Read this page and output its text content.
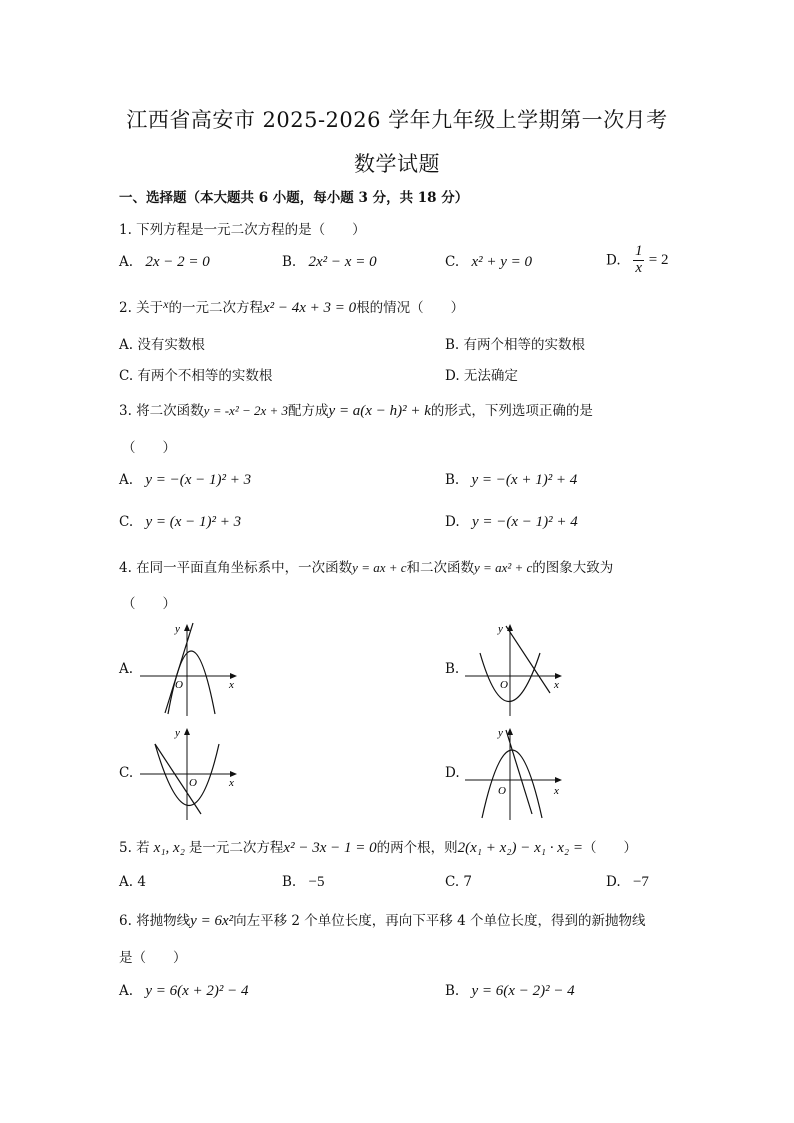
江西省高安市 2025-2026 学年九年级上学期第一次月考
数学试题
一、选择题（本大题共 6 小题，每小题 3 分，共 18 分）
1. 下列方程是一元二次方程的是（　　）
A. 2x − 2 = 0	B. 2x² − x = 0	C. x² + y = 0	D. $\frac{1}{x} = 2$
2. 关于x的一元二次方程x² − 4x + 3 = 0根的情况（　　）
A. 没有实数根	B. 有两个相等的实数根
C. 有两个不相等的实数根	D. 无法确定
3. 将二次函数y = -x² − 2x + 3配方成y = a(x − h)² + k的形式，下列选项正确的是
（　　）
A. y = −(x − 1)² + 3	B. y = −(x + 1)² + 4
C. y = (x − 1)² + 3	D. y = −(x − 1)² + 4
4. 在同一平面直角坐标系中，一次函数y = ax + c和二次函数y = ax² + c的图象大致为
（　　）
A.
y
x
O
B.
y
x
O
C.
y
x
O
D.
y
x
O
5. 若 x₁, x₂ 是一元二次方程x² − 3x − 1 = 0的两个根，则2(x₁ + x₂) − x₁ · x₂ =（　　）
A. 4	B. −5	C. 7	D. −7
6. 将抛物线y = 6x²向左平移 2 个单位长度，再向下平移 4 个单位长度，得到的新抛物线
是（　　）
A. y = 6(x + 2)² − 4	B. y = 6(x − 2)² − 4
